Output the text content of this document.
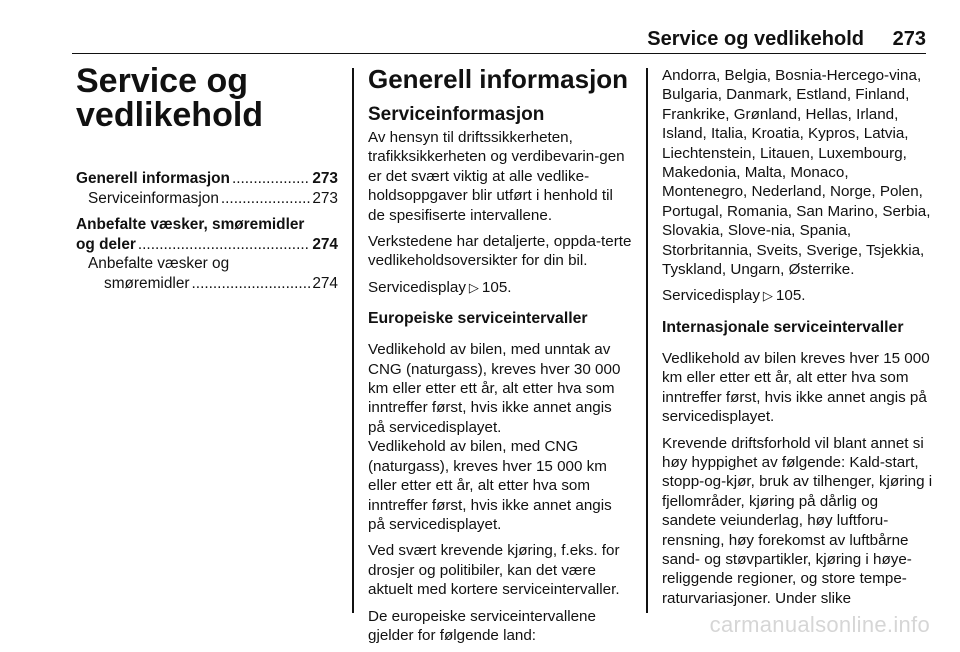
Service og vedlikehold 273
Service og
vedlikehold
Generell informasjon .....	273
Serviceinformasjon .....	273
Anbefalte væsker, smøremidler
og deler .....	274
Anbefalte væsker og
smøremidler .....	274
Generell informasjon
Serviceinformasjon

Av hensyn til driftssikkerheten, trafikksikkerheten og verdibevarin-gen er det svært viktig at alle vedlike-holdsoppgaver blir utført i henhold til de spesifiserte intervallene.

Verkstedene har detaljerte, oppda-terte vedlikeholdsoversikter for din bil.

Servicedisplay ▷ 105.

Europeiske serviceintervaller

Vedlikehold av bilen, med unntak av CNG (naturgass), kreves hver 30 000 km eller etter ett år, alt etter hva som inntreffer først, hvis ikke annet angis på servicedisplayet.

Vedlikehold av bilen, med CNG (naturgass), kreves hver 15 000 km eller etter ett år, alt etter hva som inntreffer først, hvis ikke annet angis på servicedisplayet.

Ved svært krevende kjøring, f.eks. for drosjer og politibiler, kan det være aktuelt med kortere serviceintervaller.

De europeiske serviceintervallene gjelder for følgende land:

Andorra, Belgia, Bosnia-Hercego-vina, Bulgaria, Danmark, Estland, Finland, Frankrike, Grønland, Hellas, Irland, Island, Italia, Kroatia, Kypros, Latvia, Liechtenstein, Litauen, Luxembourg, Makedonia, Malta, Monaco, Montenegro, Nederland, Norge, Polen, Portugal, Romania, San Marino, Serbia, Slovakia, Slove-nia, Spania, Storbritannia, Sveits, Sverige, Tsjekkia, Tyskland, Ungarn, Østerrike.

Servicedisplay ▷ 105.

Internasjonale serviceintervaller

Vedlikehold av bilen kreves hver 15 000 km eller etter ett år, alt etter hva som inntreffer først, hvis ikke annet angis på servicedisplayet.

Krevende driftsforhold vil blant annet si høy hyppighet av følgende: Kald-start, stopp-og-kjør, bruk av tilhenger, kjøring i fjellområder, kjøring på dårlig og sandete veiunderlag, høy luftforu-rensning, høy forekomst av luftbårne sand- og støvpartikler, kjøring i høye-religgende regioner, og store tempe-raturvariasjoner. Under slike

carmanualsonline.info
